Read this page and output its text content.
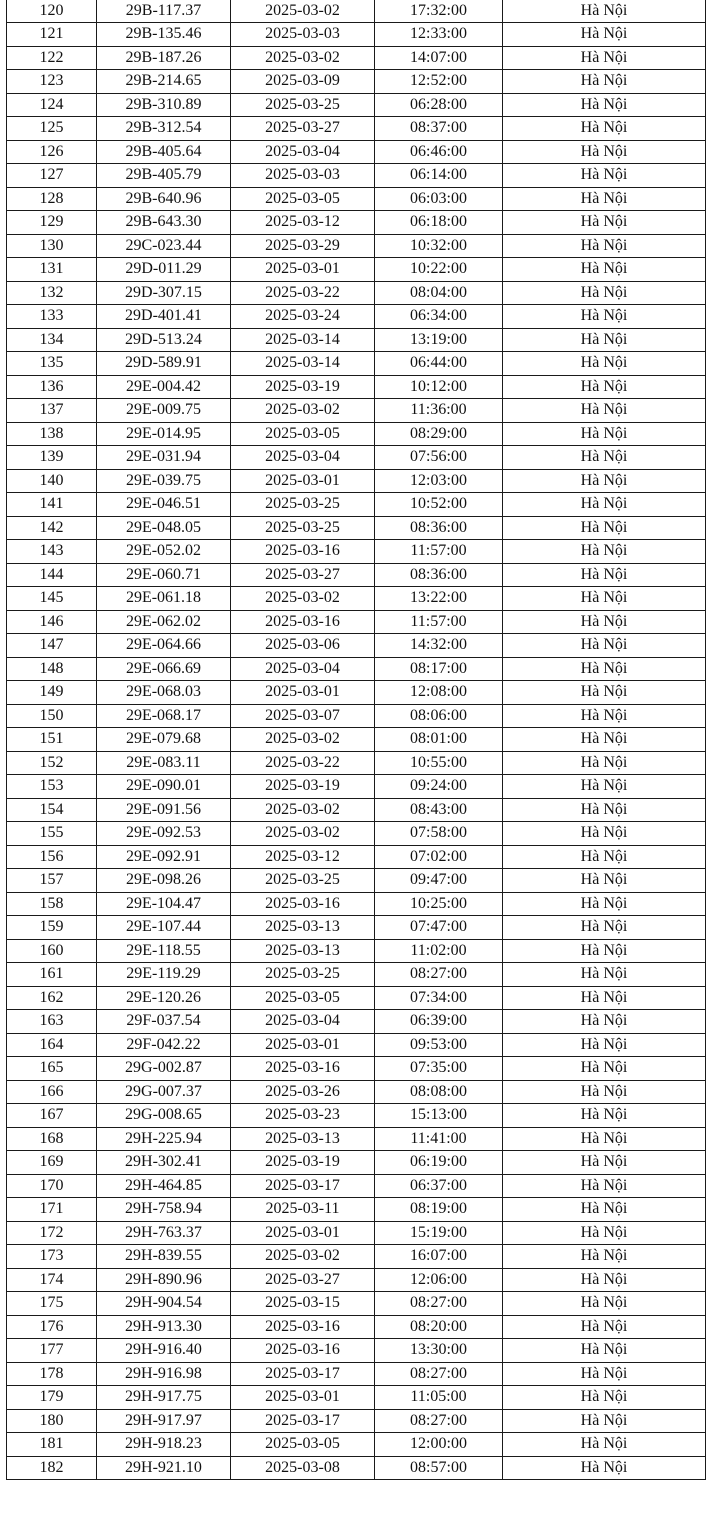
120	29B-117.37	2025-03-02	17:32:00	Hà Nội
121	29B-135.46	2025-03-03	12:33:00	Hà Nội
122	29B-187.26	2025-03-02	14:07:00	Hà Nội
123	29B-214.65	2025-03-09	12:52:00	Hà Nội
124	29B-310.89	2025-03-25	06:28:00	Hà Nội
125	29B-312.54	2025-03-27	08:37:00	Hà Nội
126	29B-405.64	2025-03-04	06:46:00	Hà Nội
127	29B-405.79	2025-03-03	06:14:00	Hà Nội
128	29B-640.96	2025-03-05	06:03:00	Hà Nội
129	29B-643.30	2025-03-12	06:18:00	Hà Nội
130	29C-023.44	2025-03-29	10:32:00	Hà Nội
131	29D-011.29	2025-03-01	10:22:00	Hà Nội
132	29D-307.15	2025-03-22	08:04:00	Hà Nội
133	29D-401.41	2025-03-24	06:34:00	Hà Nội
134	29D-513.24	2025-03-14	13:19:00	Hà Nội
135	29D-589.91	2025-03-14	06:44:00	Hà Nội
136	29E-004.42	2025-03-19	10:12:00	Hà Nội
137	29E-009.75	2025-03-02	11:36:00	Hà Nội
138	29E-014.95	2025-03-05	08:29:00	Hà Nội
139	29E-031.94	2025-03-04	07:56:00	Hà Nội
140	29E-039.75	2025-03-01	12:03:00	Hà Nội
141	29E-046.51	2025-03-25	10:52:00	Hà Nội
142	29E-048.05	2025-03-25	08:36:00	Hà Nội
143	29E-052.02	2025-03-16	11:57:00	Hà Nội
144	29E-060.71	2025-03-27	08:36:00	Hà Nội
145	29E-061.18	2025-03-02	13:22:00	Hà Nội
146	29E-062.02	2025-03-16	11:57:00	Hà Nội
147	29E-064.66	2025-03-06	14:32:00	Hà Nội
148	29E-066.69	2025-03-04	08:17:00	Hà Nội
149	29E-068.03	2025-03-01	12:08:00	Hà Nội
150	29E-068.17	2025-03-07	08:06:00	Hà Nội
151	29E-079.68	2025-03-02	08:01:00	Hà Nội
152	29E-083.11	2025-03-22	10:55:00	Hà Nội
153	29E-090.01	2025-03-19	09:24:00	Hà Nội
154	29E-091.56	2025-03-02	08:43:00	Hà Nội
155	29E-092.53	2025-03-02	07:58:00	Hà Nội
156	29E-092.91	2025-03-12	07:02:00	Hà Nội
157	29E-098.26	2025-03-25	09:47:00	Hà Nội
158	29E-104.47	2025-03-16	10:25:00	Hà Nội
159	29E-107.44	2025-03-13	07:47:00	Hà Nội
160	29E-118.55	2025-03-13	11:02:00	Hà Nội
161	29E-119.29	2025-03-25	08:27:00	Hà Nội
162	29E-120.26	2025-03-05	07:34:00	Hà Nội
163	29F-037.54	2025-03-04	06:39:00	Hà Nội
164	29F-042.22	2025-03-01	09:53:00	Hà Nội
165	29G-002.87	2025-03-16	07:35:00	Hà Nội
166	29G-007.37	2025-03-26	08:08:00	Hà Nội
167	29G-008.65	2025-03-23	15:13:00	Hà Nội
168	29H-225.94	2025-03-13	11:41:00	Hà Nội
169	29H-302.41	2025-03-19	06:19:00	Hà Nội
170	29H-464.85	2025-03-17	06:37:00	Hà Nội
171	29H-758.94	2025-03-11	08:19:00	Hà Nội
172	29H-763.37	2025-03-01	15:19:00	Hà Nội
173	29H-839.55	2025-03-02	16:07:00	Hà Nội
174	29H-890.96	2025-03-27	12:06:00	Hà Nội
175	29H-904.54	2025-03-15	08:27:00	Hà Nội
176	29H-913.30	2025-03-16	08:20:00	Hà Nội
177	29H-916.40	2025-03-16	13:30:00	Hà Nội
178	29H-916.98	2025-03-17	08:27:00	Hà Nội
179	29H-917.75	2025-03-01	11:05:00	Hà Nội
180	29H-917.97	2025-03-17	08:27:00	Hà Nội
181	29H-918.23	2025-03-05	12:00:00	Hà Nội
182	29H-921.10	2025-03-08	08:57:00	Hà Nội
